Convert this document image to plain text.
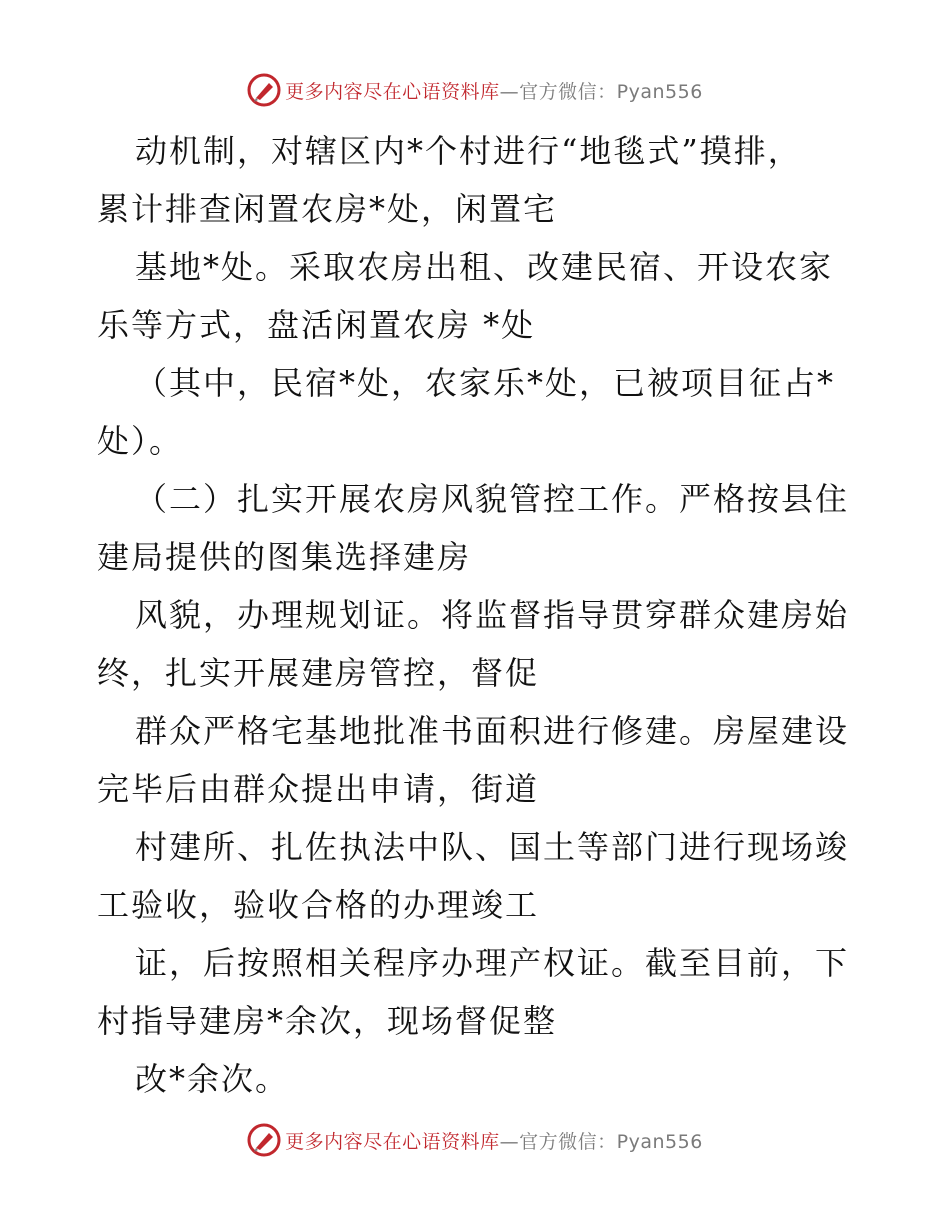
更多内容尽在心语资料库—官方微信：Pyan556
动机制，对辖区内*个村进行“地毯式”摸排，
累计排查闲置农房*处，闲置宅
基地*处。采取农房出租、改建民宿、开设农家
乐等方式，盘活闲置农房 *处
（其中，民宿*处，农家乐*处，已被项目征占*
处）。
（二）扎实开展农房风貌管控工作。严格按县住
建局提供的图集选择建房
风貌，办理规划证。将监督指导贯穿群众建房始
终，扎实开展建房管控，督促
群众严格宅基地批准书面积进行修建。房屋建设
完毕后由群众提出申请，街道
村建所、扎佐执法中队、国土等部门进行现场竣
工验收，验收合格的办理竣工
证，后按照相关程序办理产权证。截至目前，下
村指导建房*余次，现场督促整
改*余次。
更多内容尽在心语资料库—官方微信：Pyan556
